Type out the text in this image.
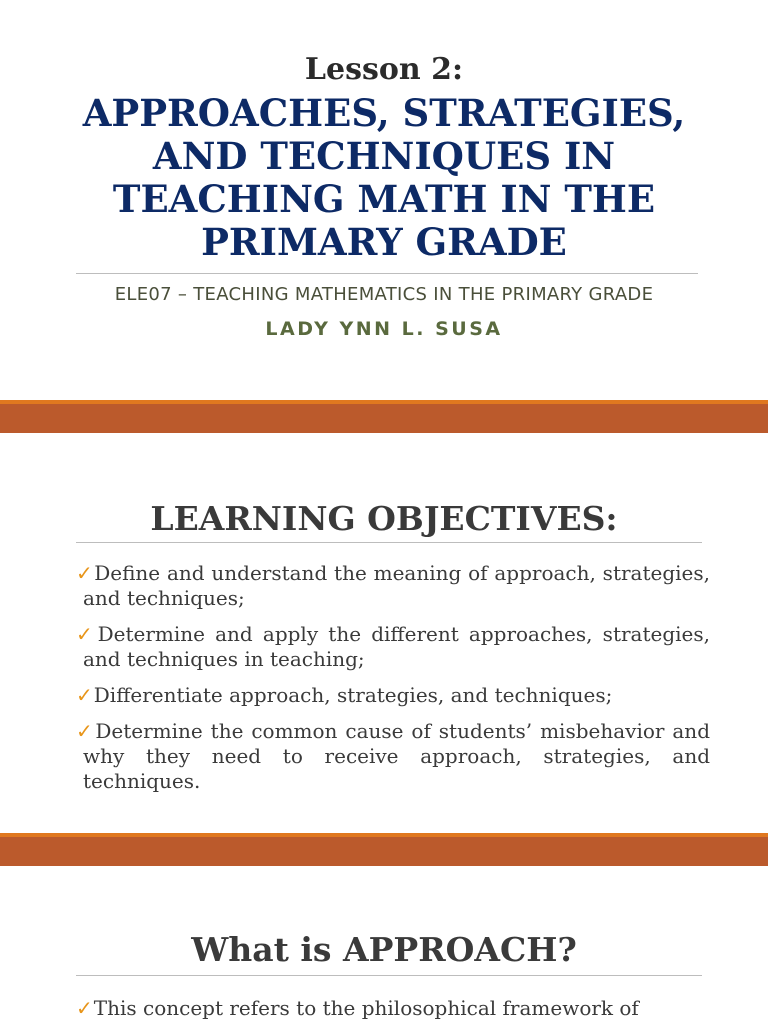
Lesson 2:
APPROACHES, STRATEGIES, AND TECHNIQUES IN TEACHING MATH IN THE PRIMARY GRADE
ELE07 – TEACHING MATHEMATICS IN THE PRIMARY GRADE
LADY YNN L. SUSA
LEARNING OBJECTIVES:
✓Define and understand the meaning of approach, strategies, and techniques;
✓Determine and apply the different approaches, strategies, and techniques in teaching;
✓Differentiate approach, strategies, and techniques;
✓Determine the common cause of students’ misbehavior and why they need to receive approach, strategies, and techniques.
What is APPROACH?
✓This concept refers to the philosophical framework of
